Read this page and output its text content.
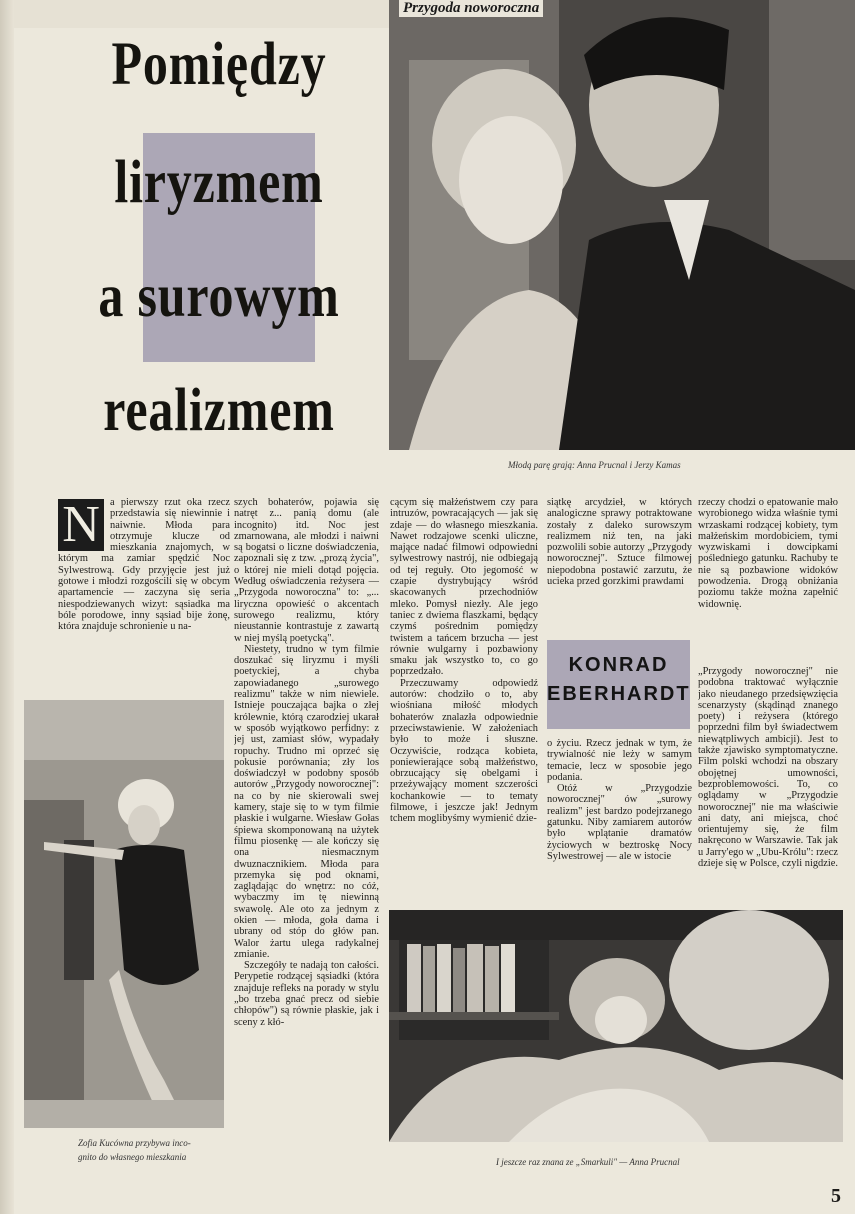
Pomiędzy
liryzmem
a surowym
realizmem
Przygoda noworoczna
Młodą parę grają: Anna Prucnal i Jerzy Kamas
N a pierwszy rzut oka rzecz przedstawia się niewinnie i naiwnie. Młoda para otrzymuje klucze od mieszkania znajomych, w którym ma zamiar spędzić Noc Sylwestrową. Gdy przyjęcie jest już gotowe i młodzi rozgościli się w obcym apartamencie — zaczyna się seria niespodziewanych wizyt: sąsiadka ma bóle porodowe, inny sąsiad bije żonę, która znajduje schronienie u na-
Zofia Kucówna przybywa inco-
gnito do własnego mieszkania

szych bohaterów, pojawia się natręt z... panią domu (ale incognito) itd. Noc jest zmarnowana, ale młodzi i naiwni są bogatsi o liczne doświadczenia, zapoznali się z tzw. „prozą życia", o której nie mieli dotąd pojęcia. Według oświadczenia reżysera — „Przygoda noworoczna" to: „... liryczna opowieść o akcentach surowego realizmu, który nieustannie kontrastuje z zawartą w niej myślą poetycką".

Niestety, trudno w tym filmie doszukać się liryzmu i myśli poetyckiej, a chyba zapowiadanego „surowego realizmu" także w nim niewiele. Istnieje pouczająca bajka o złej królewnie, którą czarodziej ukarał w sposób wyjątkowo perfidny: z jej ust, zamiast słów, wypadały ropuchy. Trudno mi oprzeć się pokusie porównania; zły los doświadczył w podobny sposób autorów „Przygody noworocznej": na co by nie skierowali swej kamery, staje się to w tym filmie płaskie i wulgarne. Wiesław Gołas śpiewa skomponowaną na użytek filmu piosenkę — ale kończy się ona niesmacznym dwuznacznikiem. Młoda para przemyka się pod oknami, zaglądając do wnętrz: no cóż, wybaczmy im tę niewinną swawolę. Ale oto za jednym z okien — młoda, goła dama i ubrany od stóp do głów pan. Walor żartu ulega radykalnej zmianie.

Szczegóły te nadają ton całości. Perypetie rodzącej sąsiadki (która znajduje refleks na porady w stylu „bo trzeba gnać precz od siebie chłopów") są równie płaskie, jak i sceny z kłó-

cącym się małżeństwem czy para intruzów, powracających — jak się zdaje — do własnego mieszkania. Nawet rodzajowe scenki uliczne, mające nadać filmowi odpowiedni sylwestrowy nastrój, nie odbiegają od tej reguły. Oto jegomość w czapie dystrybujący wśród skacowanych przechodniów mleko. Pomysł niezły. Ale jego taniec z dwiema flaszkami, będący czymś pośrednim pomiędzy twistem a tańcem brzucha — jest równie wulgarny i pozbawiony smaku jak wszystko to, co go poprzedzało.

Przeczuwamy odpowiedź autorów: chodziło o to, aby wiośniana miłość młodych bohaterów znalazła odpowiednie przeciwstawienie. W założeniach było to może i słuszne. Oczywiście, rodząca kobieta, poniewierające sobą małżeństwo, obrzucający się obelgami i przeżywający moment szczerości kochankowie — to tematy filmowe, i jeszcze jak! Jednym tchem moglibyśmy wymienić dzie-

siątkę arcydzieł, w których analogiczne sprawy potraktowane zostały z daleko surowszym realizmem niż ten, na jaki pozwolili sobie autorzy „Przygody noworocznej". Sztuce filmowej niepodobna postawić zarzutu, że ucieka przed gorzkimi prawdami

rzeczy chodzi o epatowanie mało wyrobionego widza właśnie tymi wrzaskami rodzącej kobiety, tym małżeńskim mordobiciem, tymi wyzwiskami i dowcipkami pośledniego gatunku. Rachuby te nie są pozbawione widoków powodzenia. Drogą obniżania poziomu także można zapełnić widownię.

KONRAD
EBERHARDT

o życiu. Rzecz jednak w tym, że trywialność nie leży w samym temacie, lecz w sposobie jego podania.

Otóż w „Przygodzie noworocznej" ów „surowy realizm" jest bardzo podejrzanego gatunku. Niby zamiarem autorów było wplątanie dramatów życiowych w beztroskę Nocy Sylwestrowej — ale w istocie

„Przygody noworocznej" nie podobna traktować wyłącznie jako nieudanego przedsięwzięcia scenarzysty (skądinąd znanego poety) i reżysera (którego poprzedni film był świadectwem niewątpliwych ambicji). Jest to także zjawisko symptomatyczne. Film polski wchodzi na obszary obojętnej umowności, bezproblemowości. To, co oglądamy w „Przygodzie noworocznej" nie ma właściwie ani daty, ani miejsca, choć orientujemy się, że film nakręcono w Warszawie. Tak jak u Jarry'ego w „Ubu-Królu": rzecz dzieje się w Polsce, czyli nigdzie.

I jeszcze raz znana ze „Smarkuli" — Anna Prucnal
5
